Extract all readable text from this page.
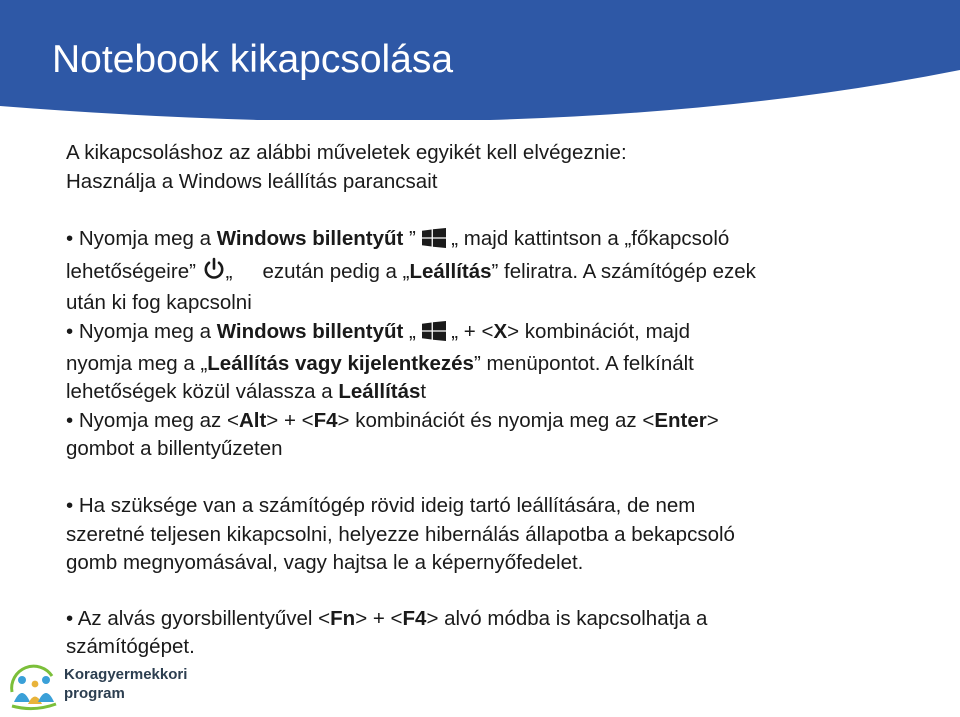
Notebook kikapcsolása

A kikapcsoláshoz az alábbi műveletek egyikét kell elvégeznie:

Használja a Windows leállítás parancsait

• Nyomja meg a Windows billentyűt ” „ majd kattintson a „főkapcsoló

lehetőségeire” „ ezután pedig a „Leállítás” feliratra. A számítógép ezek

után ki fog kapcsolni

• Nyomja meg a Windows billentyűt „ „ + <X> kombinációt, majd

nyomja meg a „Leállítás vagy kijelentkezés” menüpontot. A felkínált

lehetőségek közül válassza a Leállítást

• Nyomja meg az <Alt> + <F4> kombinációt és nyomja meg az <Enter>

gombot a billentyűzeten

• Ha szüksége van a számítógép rövid ideig tartó leállítására, de nem

szeretné teljesen kikapcsolni, helyezze hibernálás állapotba a bekapcsoló

gomb megnyomásával, vagy hajtsa le a képernyőfedelet.

• Az alvás gyorsbillentyűvel <Fn> + <F4> alvó módba is kapcsolhatja a

számítógépet.

Koragyermekkori
program
